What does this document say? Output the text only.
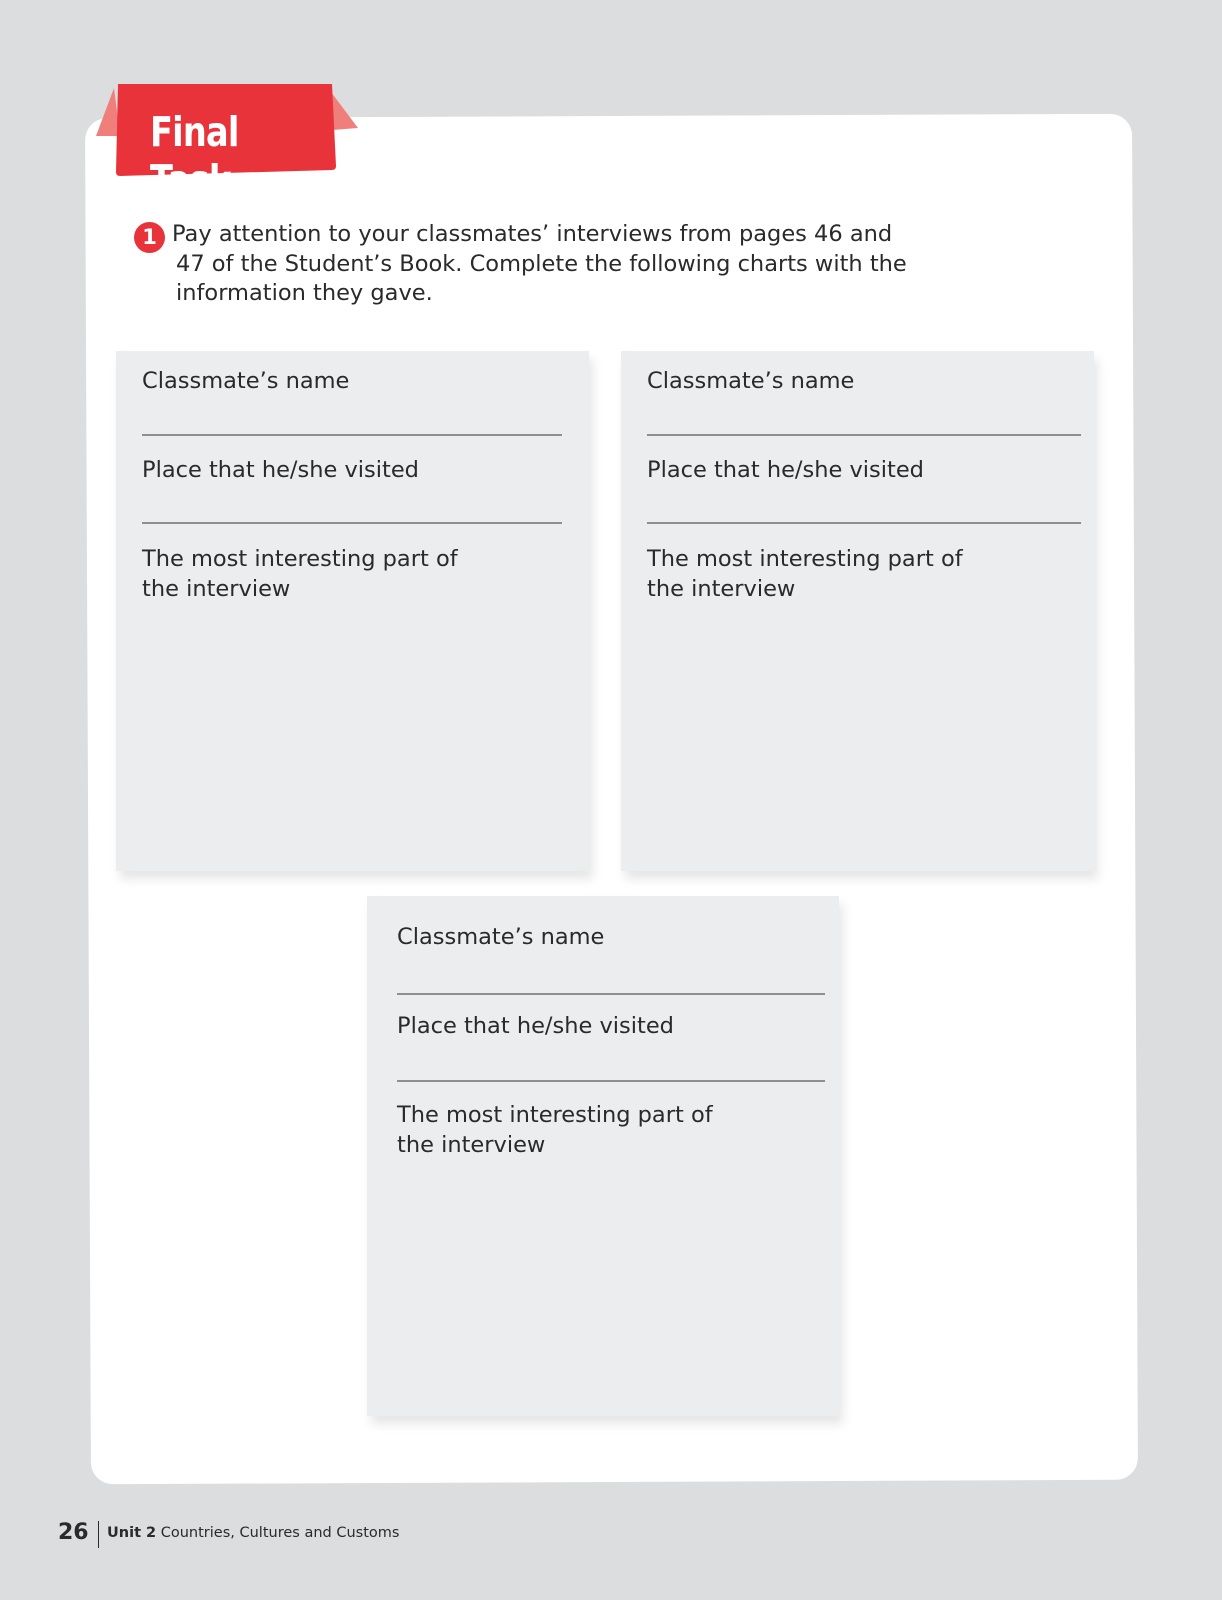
Final Task
1 Pay attention to your classmates’ interviews from pages 46 and

47 of the Student’s Book. Complete the following charts with the
information they gave.
Classmate’s name
Place that he/she visited
The most interesting part of
the interview
Classmate’s name
Place that he/she visited
The most interesting part of
the interview
Classmate’s name
Place that he/she visited
The most interesting part of
the interview
26 Unit 2 Countries, Cultures and Customs
